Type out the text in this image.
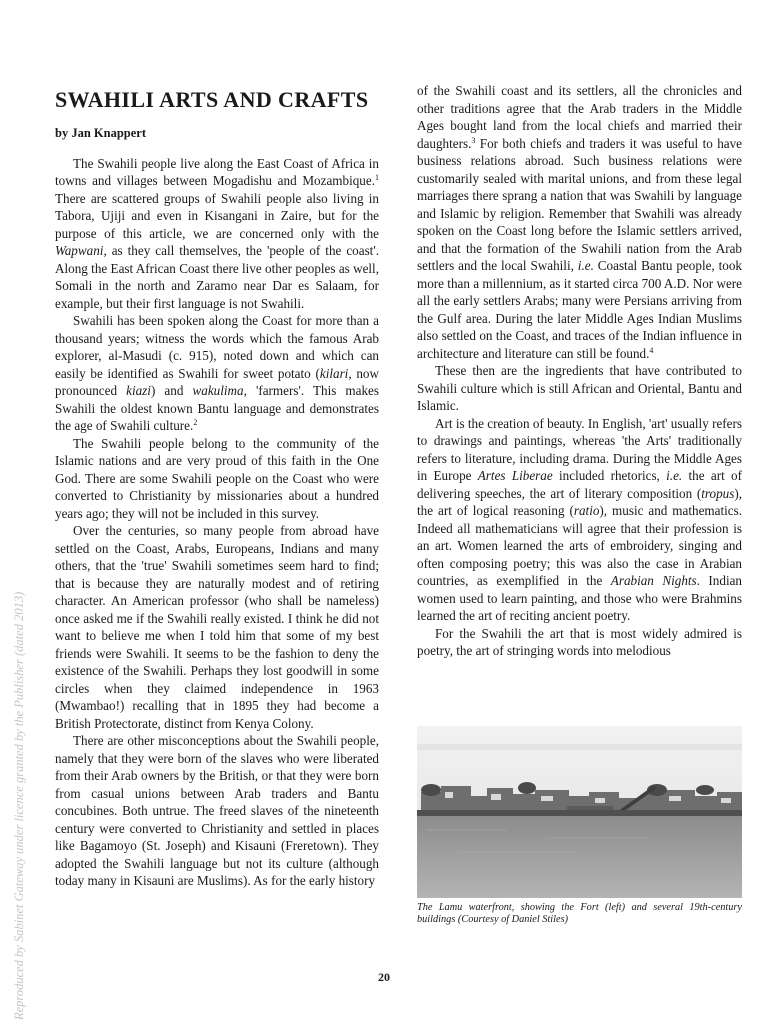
Reproduced by Sabinet Gateway under licence granted by the Publisher (dated 2013)
SWAHILI ARTS AND CRAFTS
by Jan Knappert

The Swahili people live along the East Coast of Africa in towns and villages between Mogadishu and Mozambique.$^1$ There are scattered groups of Swahili people also living in Tabora, Ujiji and even in Kisangani in Zaire, but for the purpose of this article, we are concerned only with the Wapwani, as they call themselves, the 'people of the coast'. Along the East African Coast there live other peoples as well, Somali in the north and Zaramo near Dar es Salaam, for example, but their first language is not Swahili.

Swahili has been spoken along the Coast for more than a thousand years; witness the words which the famous Arab explorer, al-Masudi (c. 915), noted down and which can easily be identified as Swahili for sweet potato (kilari, now pronounced kiazi) and wakulima, 'farmers'. This makes Swahili the oldest known Bantu language and demonstrates the age of Swahili culture.$^2$

The Swahili people belong to the community of the Islamic nations and are very proud of this faith in the One God. There are some Swahili people on the Coast who were converted to Christianity by missionaries about a hundred years ago; they will not be included in this survey.

Over the centuries, so many people from abroad have settled on the Coast, Arabs, Europeans, Indians and many others, that the 'true' Swahili sometimes seem hard to find; that is because they are naturally modest and of retiring character. An American professor (who shall be nameless) once asked me if the Swahili really existed. I think he did not want to believe me when I told him that some of my best friends were Swahili. It seems to be the fashion to deny the existence of the Swahili. Perhaps they lost goodwill in some circles when they claimed independence in 1963 (Mwambao!) recalling that in 1895 they had become a British Protectorate, distinct from Kenya Colony.

There are other misconceptions about the Swahili people, namely that they were born of the slaves who were liberated from their Arab owners by the British, or that they were born from casual unions between Arab traders and Bantu concubines. Both untrue. The freed slaves of the nineteenth century were converted to Christianity and settled in places like Bagamoyo (St. Joseph) and Kisauni (Freretown). They adopted the Swahili language but not its culture (although today many in Kisauni are Muslims). As for the early history

of the Swahili coast and its settlers, all the chronicles and other traditions agree that the Arab traders in the Middle Ages bought land from the local chiefs and married their daughters.$^3$ For both chiefs and traders it was useful to have business relations abroad. Such business relations were customarily sealed with marital unions, and from these legal marriages there sprang a nation that was Swahili by language and Islamic by religion. Remember that Swahili was already spoken on the Coast long before the Islamic settlers arrived, and that the formation of the Swahili nation from the Arab settlers and the local Swahili, i.e. Coastal Bantu people, took more than a millennium, as it started circa 700 A.D. Nor were all the early settlers Arabs; many were Persians arriving from the Gulf area. During the later Middle Ages Indian Muslims also settled on the Coast, and traces of the Indian influence in architecture and literature can still be found.$^4$

These then are the ingredients that have contributed to Swahili culture which is still African and Oriental, Bantu and Islamic.

Art is the creation of beauty. In English, 'art' usually refers to drawings and paintings, whereas 'the Arts' traditionally refers to literature, including drama. During the Middle Ages in Europe Artes Liberae included rhetorics, i.e. the art of delivering speeches, the art of literary composition (tropus), the art of logical reasoning (ratio), music and mathematics. Indeed all mathematicians will agree that their profession is an art. Women learned the arts of embroidery, singing and often composing poetry; this was also the case in Arabian countries, as exemplified in the Arabian Nights. Indian women used to learn painting, and those who were Brahmins learned the art of reciting ancient poetry.

For the Swahili the art that is most widely admired is poetry, the art of stringing words into melodious

The Lamu waterfront, showing the Fort (left) and several 19th-century buildings (Courtesy of Daniel Stiles)
20
